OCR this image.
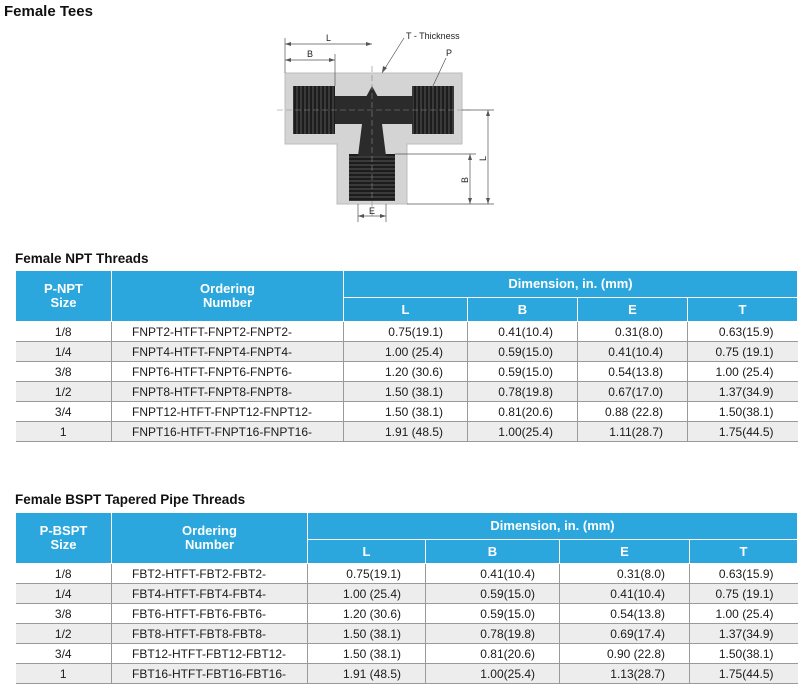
Female Tees
L
B
T - Thickness
P
E
L
B
Female NPT Threads
P-NPT
Size	Ordering
Number	Dimension, in. (mm)			
		L	B	E	T
1/8	FNPT2-HTFT-FNPT2-FNPT2-	0.75(19.1)	0.41(10.4)	0.31(8.0)	0.63(15.9)
1/4	FNPT4-HTFT-FNPT4-FNPT4-	1.00 (25.4)	0.59(15.0)	0.41(10.4)	0.75 (19.1)
3/8	FNPT6-HTFT-FNPT6-FNPT6-	1.20 (30.6)	0.59(15.0)	0.54(13.8)	1.00 (25.4)
1/2	FNPT8-HTFT-FNPT8-FNPT8-	1.50 (38.1)	0.78(19.8)	0.67(17.0)	1.37(34.9)
3/4	FNPT12-HTFT-FNPT12-FNPT12-	1.50 (38.1)	0.81(20.6)	0.88 (22.8)	1.50(38.1)
1	FNPT16-HTFT-FNPT16-FNPT16-	1.91 (48.5)	1.00(25.4)	1.11(28.7)	1.75(44.5)
Female BSPT Tapered Pipe Threads
P-BSPT
Size	Ordering
Number	Dimension, in. (mm)			
		L	B	E	T
1/8	FBT2-HTFT-FBT2-FBT2-	0.75(19.1)	0.41(10.4)	0.31(8.0)	0.63(15.9)
1/4	FBT4-HTFT-FBT4-FBT4-	1.00 (25.4)	0.59(15.0)	0.41(10.4)	0.75 (19.1)
3/8	FBT6-HTFT-FBT6-FBT6-	1.20 (30.6)	0.59(15.0)	0.54(13.8)	1.00 (25.4)
1/2	FBT8-HTFT-FBT8-FBT8-	1.50 (38.1)	0.78(19.8)	0.69(17.4)	1.37(34.9)
3/4	FBT12-HTFT-FBT12-FBT12-	1.50 (38.1)	0.81(20.6)	0.90 (22.8)	1.50(38.1)
1	FBT16-HTFT-FBT16-FBT16-	1.91 (48.5)	1.00(25.4)	1.13(28.7)	1.75(44.5)
